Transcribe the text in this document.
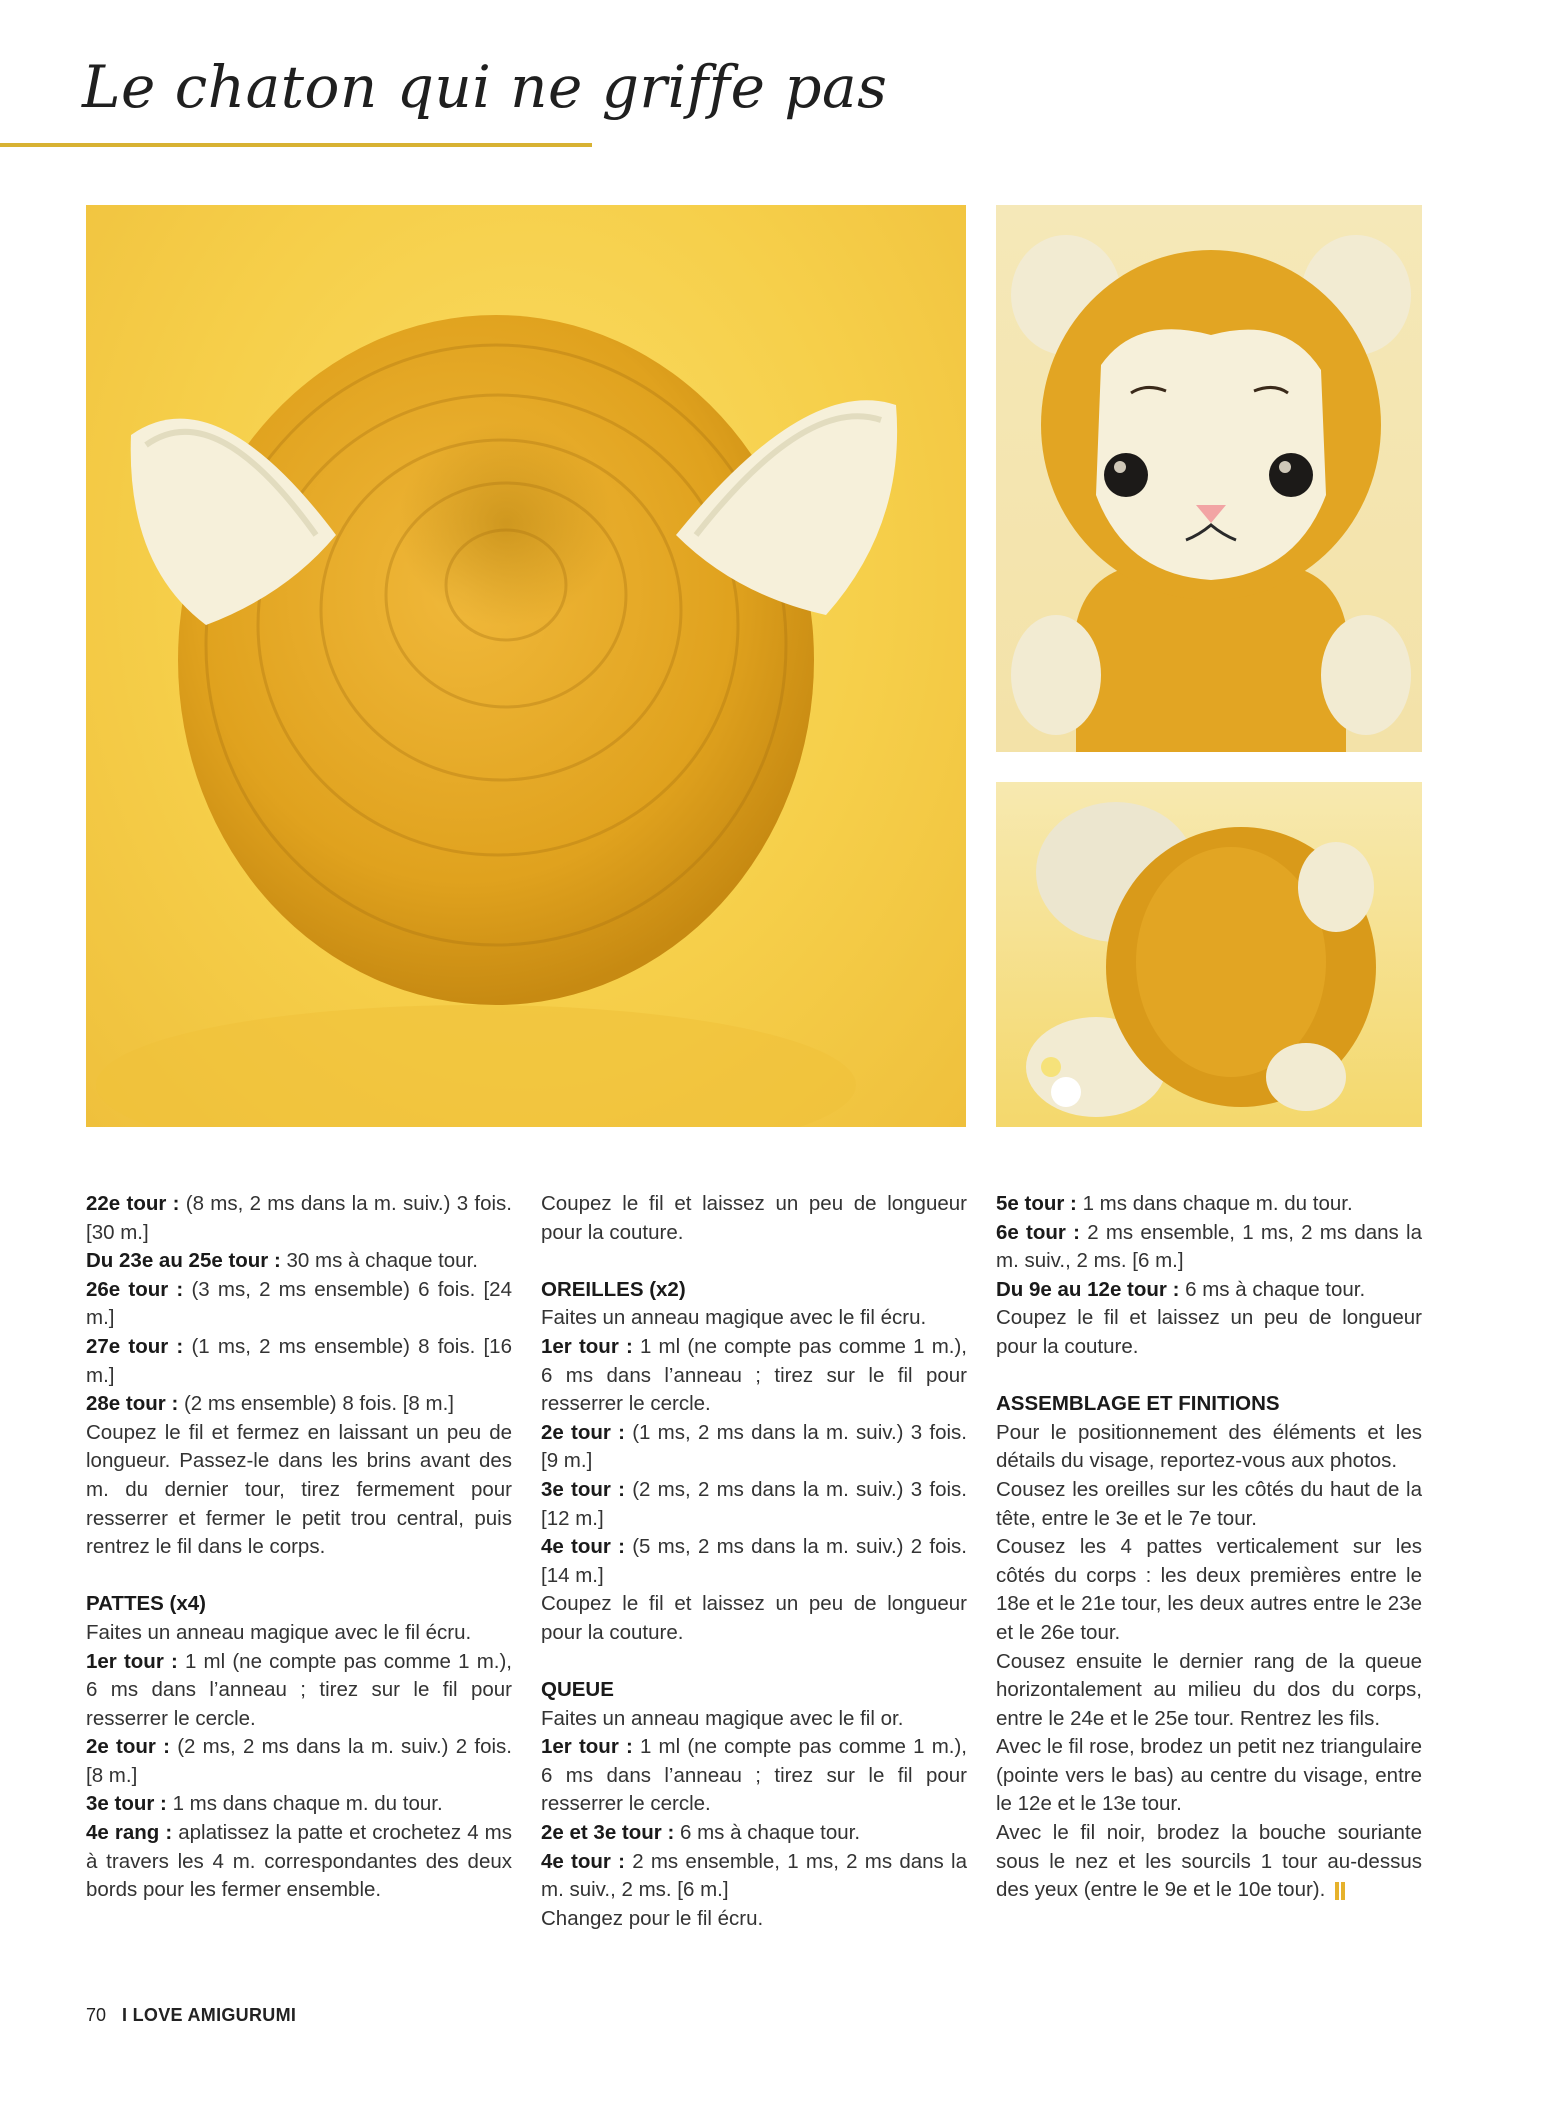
Le chaton qui ne griffe pas

22e tour : (8 ms, 2 ms dans la m. suiv.) 3 fois. [30 m.]

Du 23e au 25e tour : 30 ms à chaque tour.

26e tour : (3 ms, 2 ms ensemble) 6 fois. [24 m.]

27e tour : (1 ms, 2 ms ensemble) 8 fois. [16 m.]

28e tour : (2 ms ensemble) 8 fois. [8 m.]

Coupez le fil et fermez en laissant un peu de longueur. Passez-le dans les brins avant des m. du dernier tour, tirez fermement pour resserrer et fermer le petit trou central, puis rentrez le fil dans le corps.

PATTES (x4)

Faites un anneau magique avec le fil écru.

1er tour : 1 ml (ne compte pas comme 1 m.), 6 ms dans l’anneau ; tirez sur le fil pour resserrer le cercle.

2e tour : (2 ms, 2 ms dans la m. suiv.) 2 fois. [8 m.]

3e tour : 1 ms dans chaque m. du tour.

4e rang : aplatissez la patte et crochetez 4 ms à travers les 4 m. correspondantes des deux bords pour les fermer ensemble.

Coupez le fil et laissez un peu de longueur pour la couture.

OREILLES (x2)

Faites un anneau magique avec le fil écru.

1er tour : 1 ml (ne compte pas comme 1 m.), 6 ms dans l’anneau ; tirez sur le fil pour resserrer le cercle.

2e tour : (1 ms, 2 ms dans la m. suiv.) 3 fois. [9 m.]

3e tour : (2 ms, 2 ms dans la m. suiv.) 3 fois. [12 m.]

4e tour : (5 ms, 2 ms dans la m. suiv.) 2 fois. [14 m.]

Coupez le fil et laissez un peu de longueur pour la couture.

QUEUE

Faites un anneau magique avec le fil or.

1er tour : 1 ml (ne compte pas comme 1 m.), 6 ms dans l’anneau ; tirez sur le fil pour resserrer le cercle.

2e et 3e tour : 6 ms à chaque tour.

4e tour : 2 ms ensemble, 1 ms, 2 ms dans la m. suiv., 2 ms. [6 m.]

Changez pour le fil écru.

5e tour : 1 ms dans chaque m. du tour.

6e tour : 2 ms ensemble, 1 ms, 2 ms dans la m. suiv., 2 ms. [6 m.]

Du 9e au 12e tour : 6 ms à chaque tour.

Coupez le fil et laissez un peu de longueur pour la couture.

ASSEMBLAGE ET FINITIONS

Pour le positionnement des éléments et les détails du visage, reportez-vous aux photos.

Cousez les oreilles sur les côtés du haut de la tête, entre le 3e et le 7e tour.

Cousez les 4 pattes verticalement sur les côtés du corps : les deux premières entre le 18e et le 21e tour, les deux autres entre le 23e et le 26e tour.

Cousez ensuite le dernier rang de la queue horizontalement au milieu du dos du corps, entre le 24e et le 25e tour. Rentrez les fils.

Avec le fil rose, brodez un petit nez triangulaire (pointe vers le bas) au centre du visage, entre le 12e et le 13e tour.

Avec le fil noir, brodez la bouche souriante sous le nez et les sourcils 1 tour au-dessus des yeux (entre le 9e et le 10e tour).

70 I LOVE AMIGURUMI
